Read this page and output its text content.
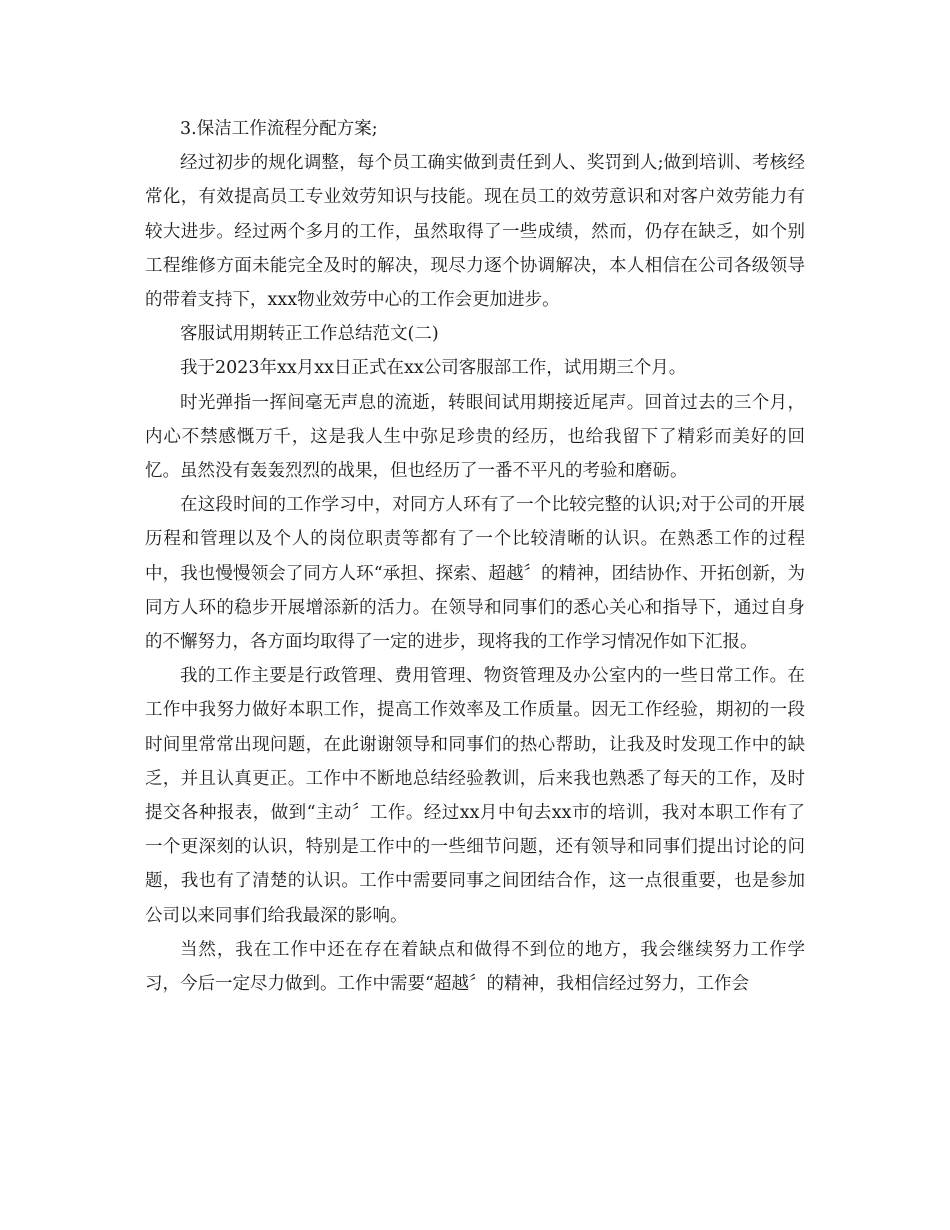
3.保洁工作流程分配方案;

经过初步的规化调整，每个员工确实做到责任到人、奖罚到人;做到培训、考核经常化，有效提高员工专业效劳知识与技能。现在员工的效劳意识和对客户效劳能力有较大进步。经过两个多月的工作，虽然取得了一些成绩，然而，仍存在缺乏，如个别工程维修方面未能完全及时的解决，现尽力逐个协调解决，本人相信在公司各级领导的带着支持下，xxx物业效劳中心的工作会更加进步。

客服试用期转正工作总结范文(二)

我于2023年xx月xx日正式在xx公司客服部工作，试用期三个月。

时光弹指一挥间毫无声息的流逝，转眼间试用期接近尾声。回首过去的三个月，内心不禁感慨万千，这是我人生中弥足珍贵的经历，也给我留下了精彩而美好的回忆。虽然没有轰轰烈烈的战果，但也经历了一番不平凡的考验和磨砺。

在这段时间的工作学习中，对同方人环有了一个比较完整的认识;对于公司的开展历程和管理以及个人的岗位职责等都有了一个比较清晰的认识。在熟悉工作的过程中，我也慢慢领会了同方人环“承担、探索、超越〞的精神，团结协作、开拓创新，为同方人环的稳步开展增添新的活力。在领导和同事们的悉心关心和指导下，通过自身的不懈努力，各方面均取得了一定的进步，现将我的工作学习情况作如下汇报。

我的工作主要是行政管理、费用管理、物资管理及办公室内的一些日常工作。在工作中我努力做好本职工作，提高工作效率及工作质量。因无工作经验，期初的一段时间里常常出现问题，在此谢谢领导和同事们的热心帮助，让我及时发现工作中的缺乏，并且认真更正。工作中不断地总结经验教训，后来我也熟悉了每天的工作，及时提交各种报表，做到“主动〞工作。经过xx月中旬去xx市的培训，我对本职工作有了一个更深刻的认识，特别是工作中的一些细节问题，还有领导和同事们提出讨论的问题，我也有了清楚的认识。工作中需要同事之间团结合作，这一点很重要，也是参加公司以来同事们给我最深的影响。

当然，我在工作中还在存在着缺点和做得不到位的地方，我会继续努力工作学习，今后一定尽力做到。工作中需要“超越〞的精神，我相信经过努力，工作会
